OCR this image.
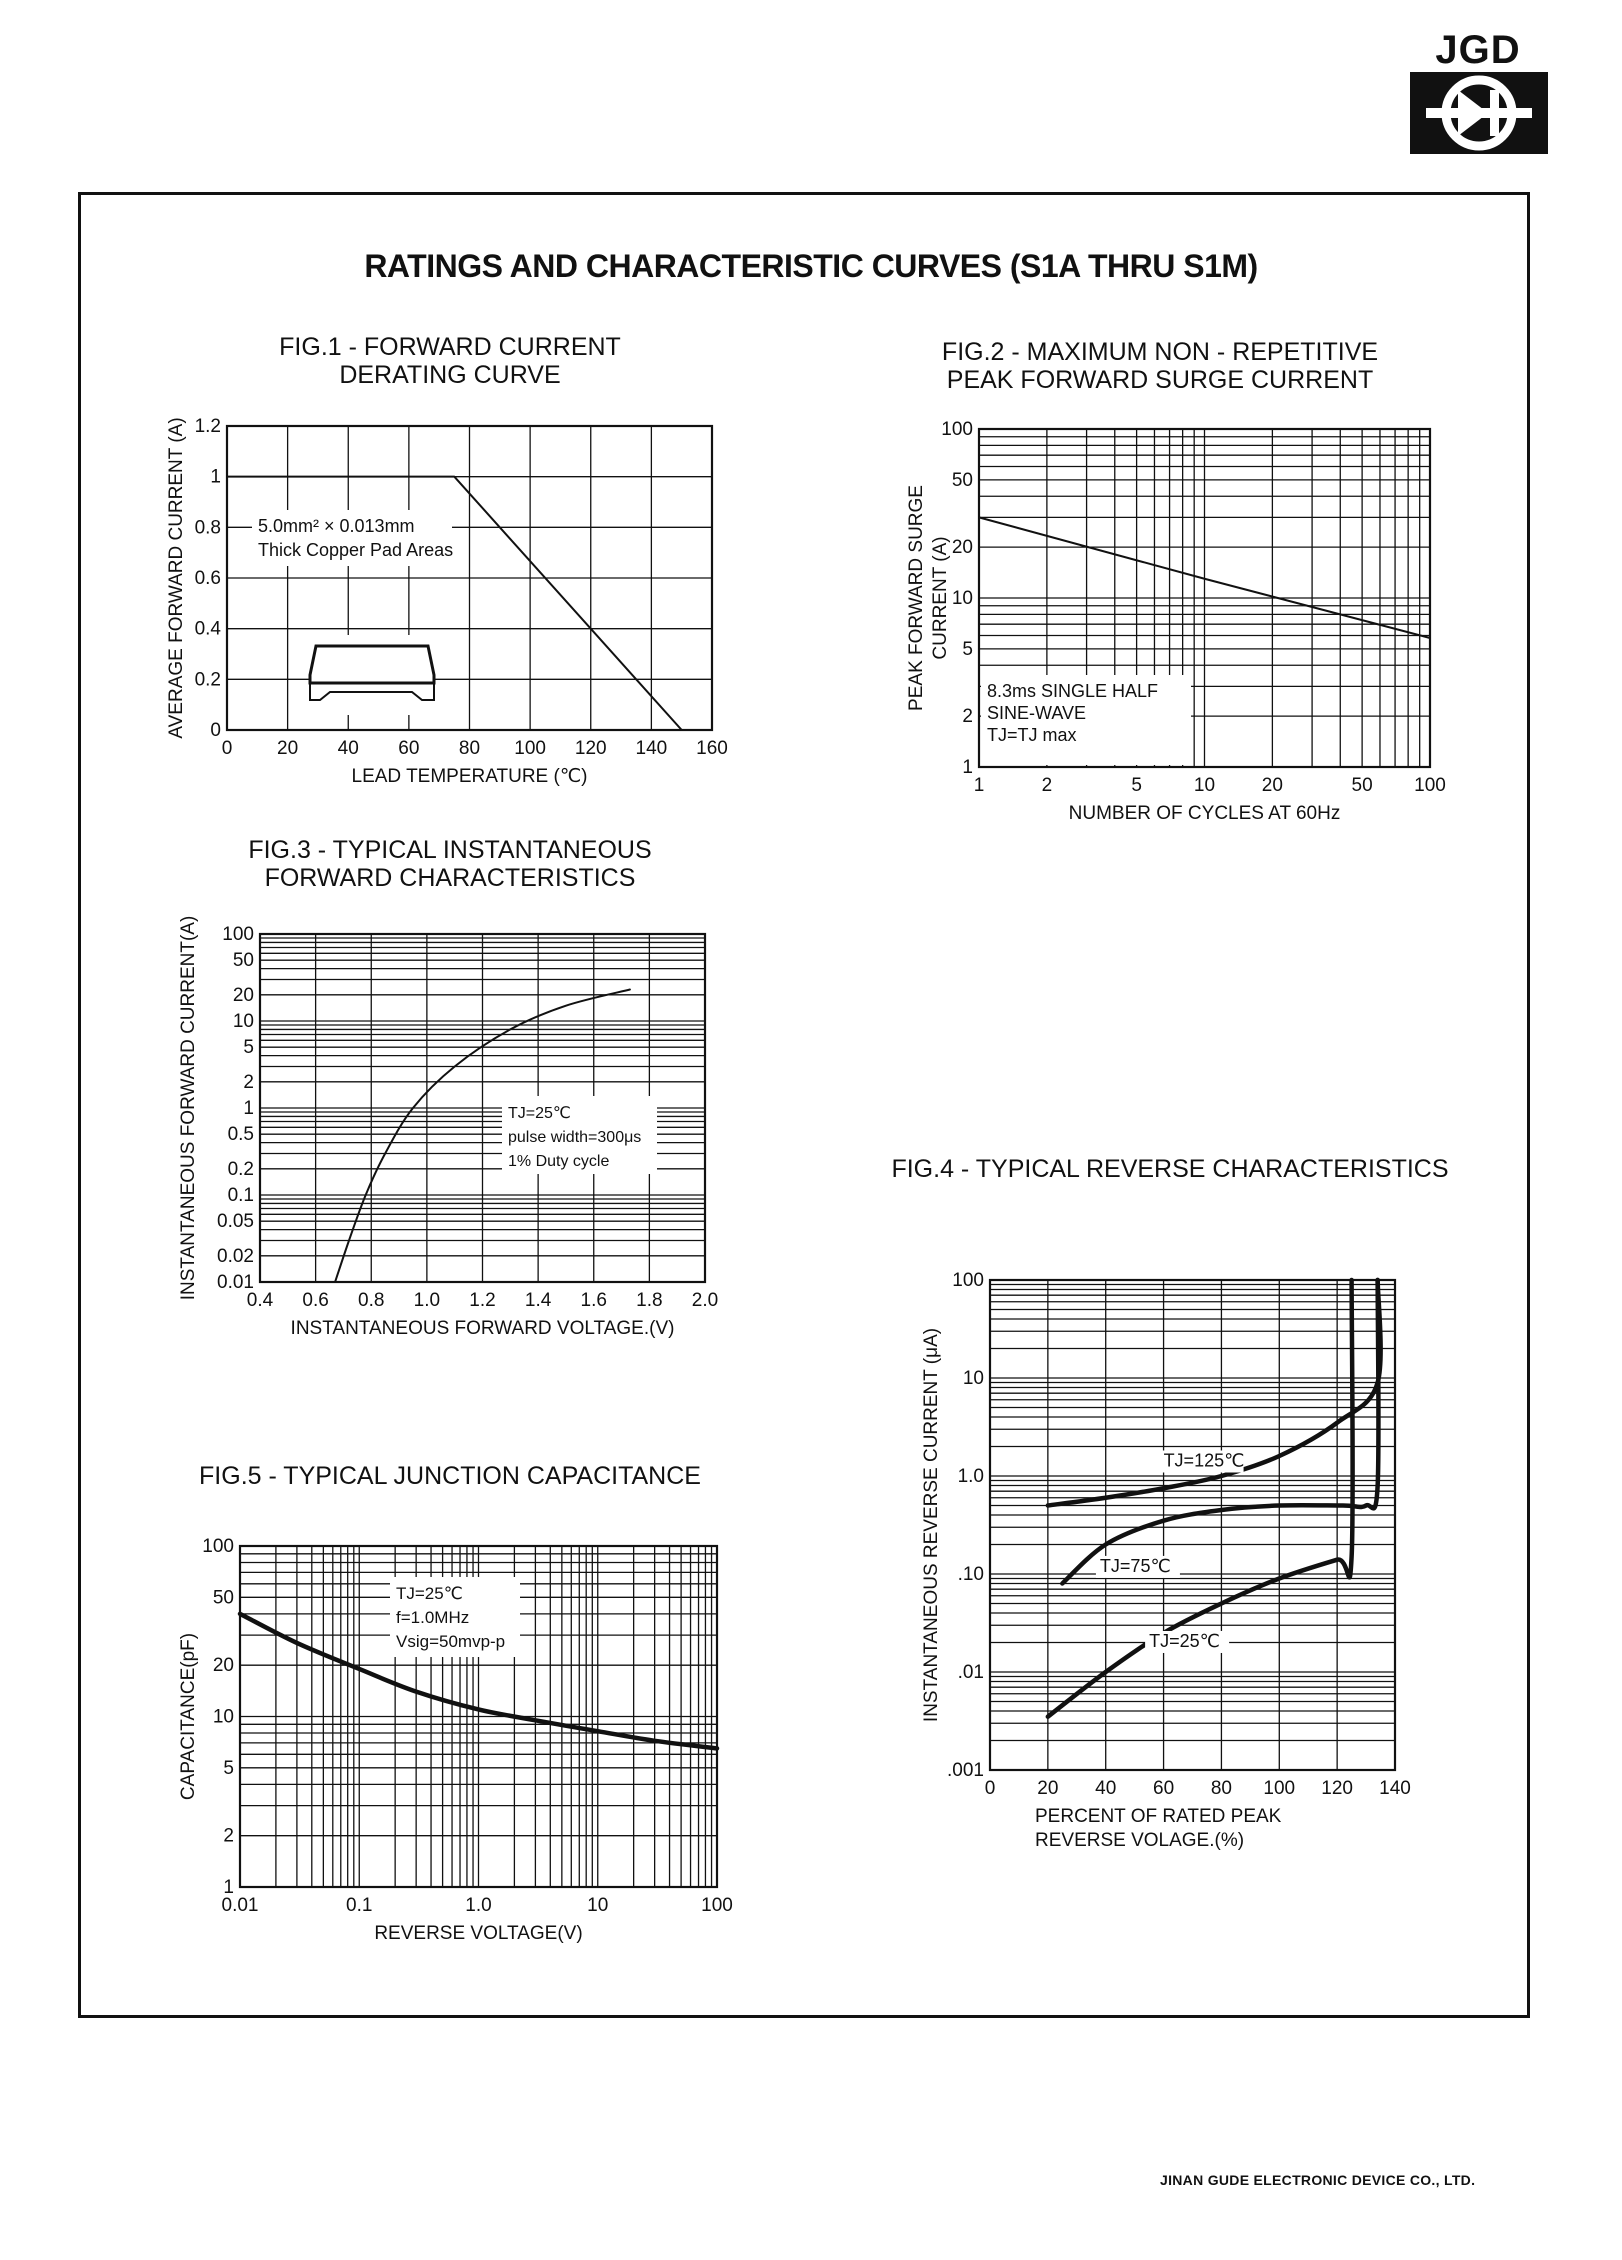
JGD
RATINGS AND CHARACTERISTIC CURVES (S1A THRU S1M)
FIG.1 - FORWARD CURRENT
DERATING CURVE
FIG.2 - MAXIMUM NON - REPETITIVE
PEAK FORWARD SURGE CURRENT
FIG.3 - TYPICAL INSTANTANEOUS
FORWARD CHARACTERISTICS
FIG.4 - TYPICAL REVERSE CHARACTERISTICS
FIG.5 - TYPICAL JUNCTION CAPACITANCE
0 20 40 60 80 100 120 140 160
0
0.2
0.4
0.6
0.8
1
1.2
LEAD TEMPERATURE (℃)
AVERAGE FORWARD CURRENT (A)	5.0mm² × 0.013mm
Thick Copper Pad Areas
1	2	5	10 20	50 100
1
2
5
10
20
50
100
NUMBER OF CYCLES AT 60Hz
PEAK FORWARD SURGE CURRENT (A)
8.3ms SINGLE HALF
SINE-WAVE
TJ=TJ max
0.4 0.6 0.8 1.0 1.2 1.4 1.6 1.8 2.0
0.01
0.02
0.05
0.1
0.2
0.5
1
2
5
10
20
50
100
INSTANTANEOUS FORWARD VOLTAGE.(V)
INSTANTANEOUS FORWARD CURRENT(A)	TJ=25℃
pulse width=300μs
1% Duty cycle
0 20 40 60 80 100 120 140
.001
.01
.10
1.0
10
100
PERCENT OF RATED PEAK
REVERSE VOLAGE.(%)
INSTANTANEOUS REVERSE CURRENT (μA)	TJ=125℃
TJ=75℃
TJ=25℃
0.01	0.1	1.0	10	100
1
2
5
10
20
50
100
REVERSE VOLTAGE(V)
CAPACITANCE(pF)
TJ=25℃
f=1.0MHz
Vsig=50mvp-p
JINAN GUDE ELECTRONIC DEVICE CO., LTD.
